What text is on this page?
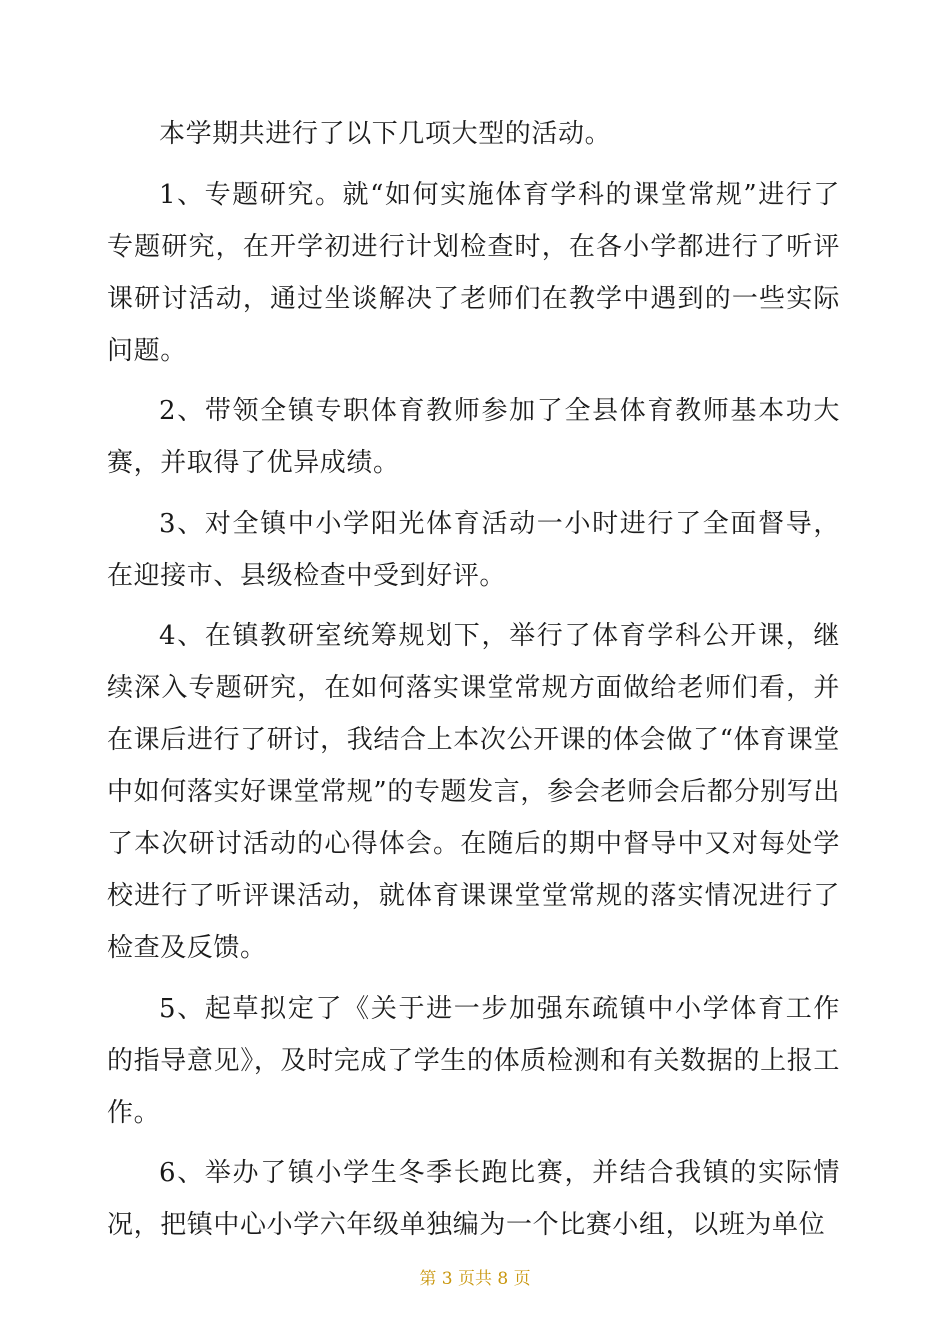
本学期共进行了以下几项大型的活动。

1、专题研究。就“如何实施体育学科的课堂常规”进行了专题研究，在开学初进行计划检查时，在各小学都进行了听评课研讨活动，通过坐谈解决了老师们在教学中遇到的一些实际问题。

2、带领全镇专职体育教师参加了全县体育教师基本功大赛，并取得了优异成绩。

3、对全镇中小学阳光体育活动一小时进行了全面督导，在迎接市、县级检查中受到好评。

4、在镇教研室统筹规划下，举行了体育学科公开课，继续深入专题研究，在如何落实课堂常规方面做给老师们看，并在课后进行了研讨，我结合上本次公开课的体会做了“体育课堂中如何落实好课堂常规”的专题发言，参会老师会后都分别写出了本次研讨活动的心得体会。在随后的期中督导中又对每处学校进行了听评课活动，就体育课课堂堂常规的落实情况进行了检查及反馈。

5、起草拟定了《关于进一步加强东疏镇中小学体育工作的指导意见》，及时完成了学生的体质检测和有关数据的上报工作。

6、举办了镇小学生冬季长跑比赛，并结合我镇的实际情况，把镇中心小学六年级单独编为一个比赛小组，以班为单位

第 3 页共 8 页
